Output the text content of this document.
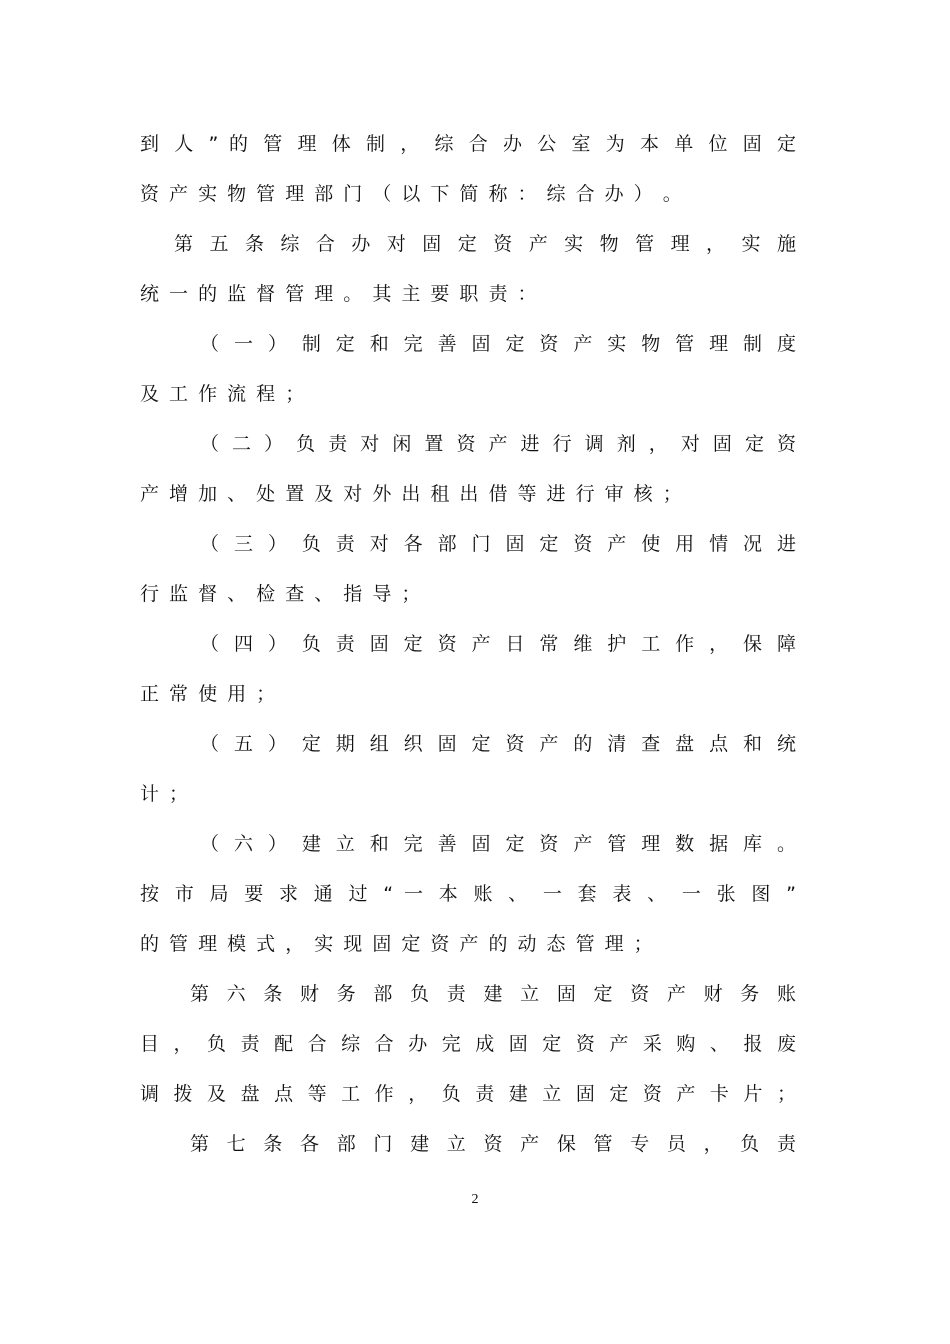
到 人 ” 的 管 理 体 制 ， 综 合 办 公 室 为 本 单 位 固 定
资 产 实 物 管 理 部 门 （ 以 下 简 称 ： 综 合 办 ） 。
第 五 条 综 合 办 对 固 定 资 产 实 物 管 理 ， 实 施
统 一 的 监 督 管 理 。 其 主 要 职 责 ：
（ 一 ） 制 定 和 完 善 固 定 资 产 实 物 管 理 制 度
及 工 作 流 程 ；
（ 二 ） 负 责 对 闲 置 资 产 进 行 调 剂 ， 对 固 定 资
产 增 加 、 处 置 及 对 外 出 租 出 借 等 进 行 审 核 ；
（ 三 ） 负 责 对 各 部 门 固 定 资 产 使 用 情 况 进
行 监 督 、 检 查 、 指 导 ；
（ 四 ） 负 责 固 定 资 产 日 常 维 护 工 作 ， 保 障
正 常 使 用 ；
（ 五 ） 定 期 组 织 固 定 资 产 的 清 查 盘 点 和 统
计 ；
（ 六 ） 建 立 和 完 善 固 定 资 产 管 理 数 据 库 。
按 市 局 要 求 通 过 “ 一 本 账 、 一 套 表 、 一 张 图 ”
的 管 理 模 式 ， 实 现 固 定 资 产 的 动 态 管 理 ；
第 六 条 财 务 部 负 责 建 立 固 定 资 产 财 务 账
目 ， 负 责 配 合 综 合 办 完 成 固 定 资 产 采 购 、 报 废
调 拨 及 盘 点 等 工 作 ， 负 责 建 立 固 定 资 产 卡 片 ；
第 七 条 各 部 门 建 立 资 产 保 管 专 员 ， 负 责
2
